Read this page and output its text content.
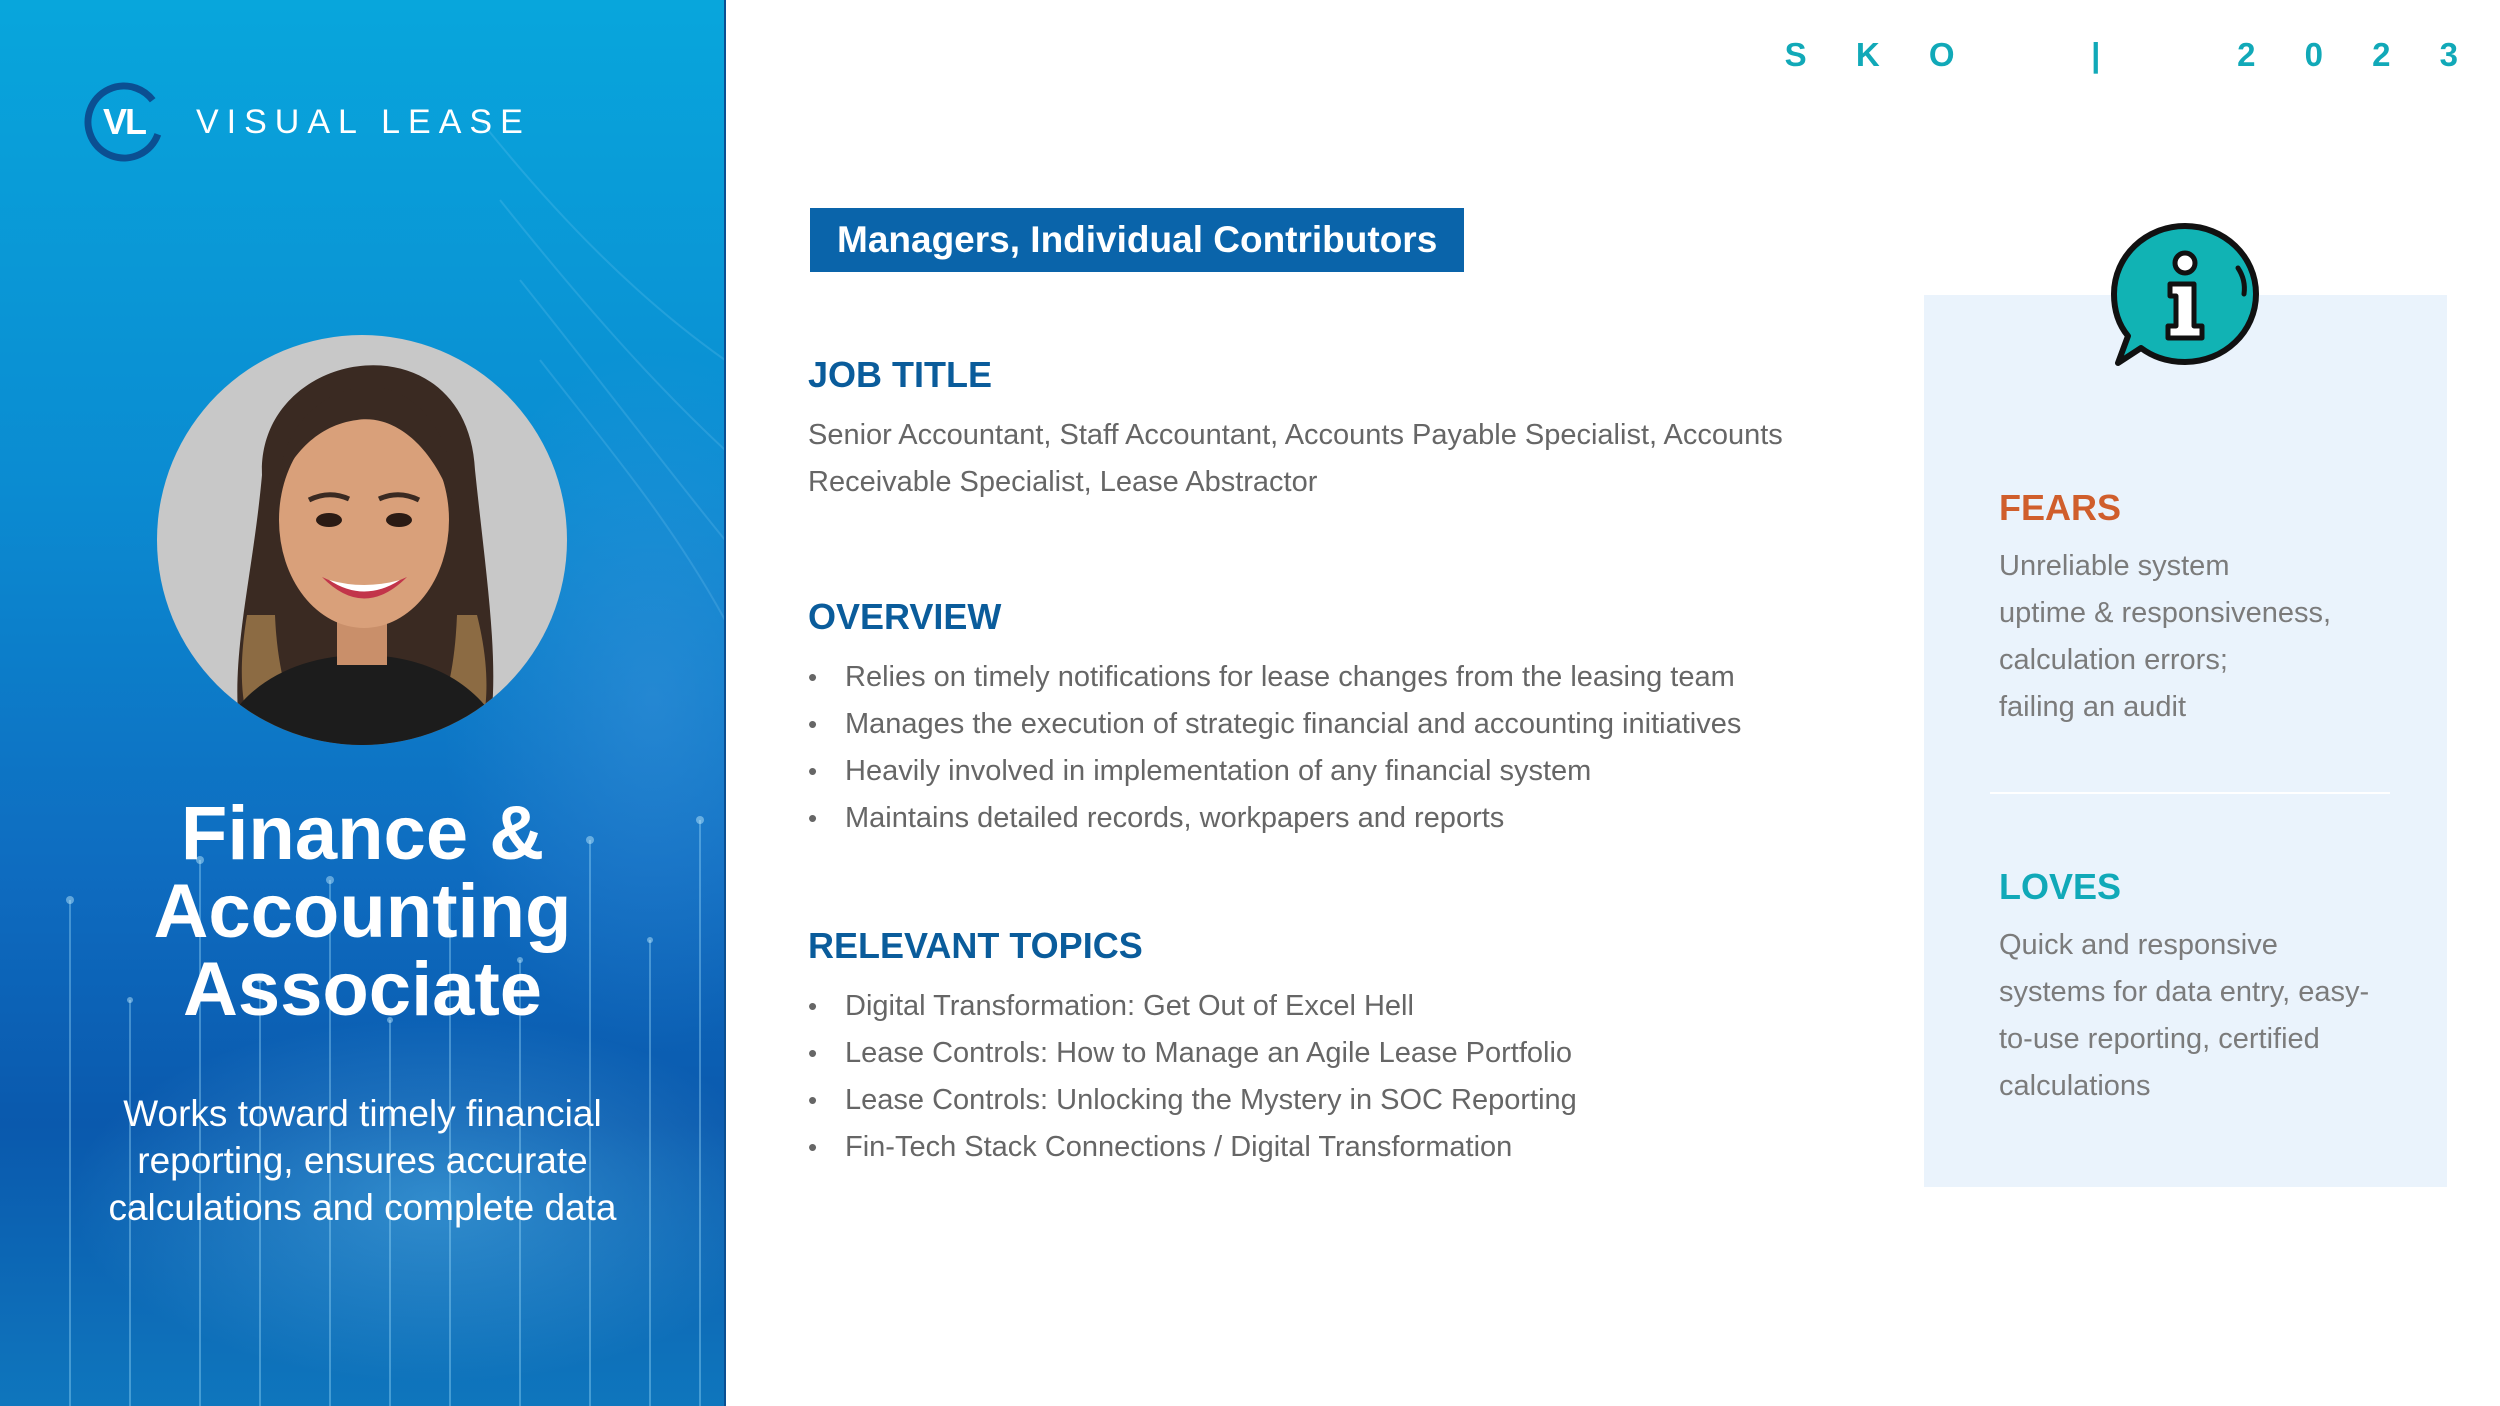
VL	VISUAL LEASE
Finance &
Accounting
Associate
Works toward timely financial reporting, ensures accurate calculations and complete data
S K O    |    2 0 2 3
Managers, Individual Contributors
JOB TITLE
Senior Accountant, Staff Accountant, Accounts Payable Specialist, Accounts Receivable Specialist, Lease Abstractor
OVERVIEW
• Relies on timely notifications for lease changes from the leasing team
• Manages the execution of strategic financial and accounting initiatives
• Heavily involved in implementation of any financial system
• Maintains detailed records, workpapers and reports
RELEVANT TOPICS
• Digital Transformation: Get Out of Excel Hell
• Lease Controls: How to Manage an Agile Lease Portfolio
• Lease Controls: Unlocking the Mystery in SOC Reporting
• Fin-Tech Stack Connections / Digital Transformation
FEARS
Unreliable system
uptime & responsiveness,
calculation errors;
failing an audit
LOVES
Quick and responsive
systems for data entry, easy-
to-use reporting, certified
calculations
